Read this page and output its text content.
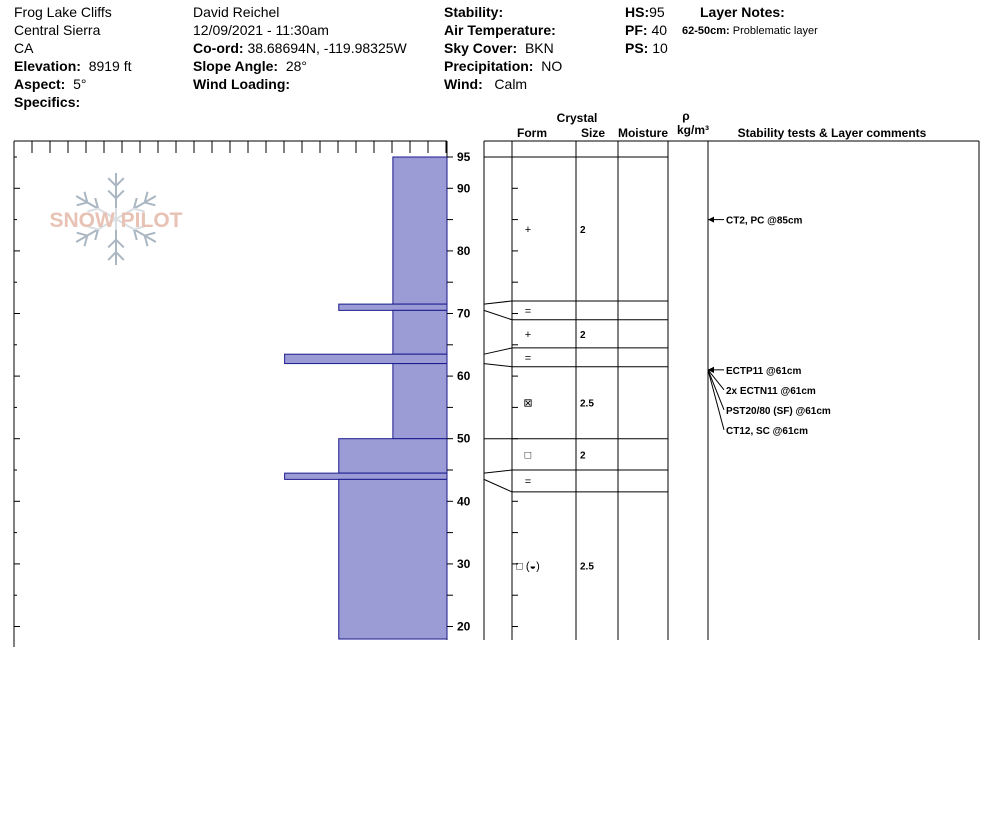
Frog Lake Cliffs
Central Sierra
CA
Elevation: 8919 ft
Aspect: 5°
Specifics:
David Reichel
12/09/2021 - 11:30am
Co-ord: 38.68694N, -119.98325W
Slope Angle: 28°
Wind Loading:
Stability:
Air Temperature:
Sky Cover: BKN
Precipitation: NO
Wind: Calm
HS:95
PF: 40
PS: 10
Layer Notes:
62-50cm: Problematic layer
SNOW PILOT
95
90
80
70
60
50
40
30
20
Crystal
Form	Size Moisture
ρ
kg/m³ Stability tests & Layer comments
+	2
=
+	2
=
⊠	2.5
□	2
=
□ (◒)	2.5
CT2, PC @85cm
ECTP11 @61cm
2x ECTN11 @61cm
PST20/80 (SF) @61cm
CT12, SC @61cm
